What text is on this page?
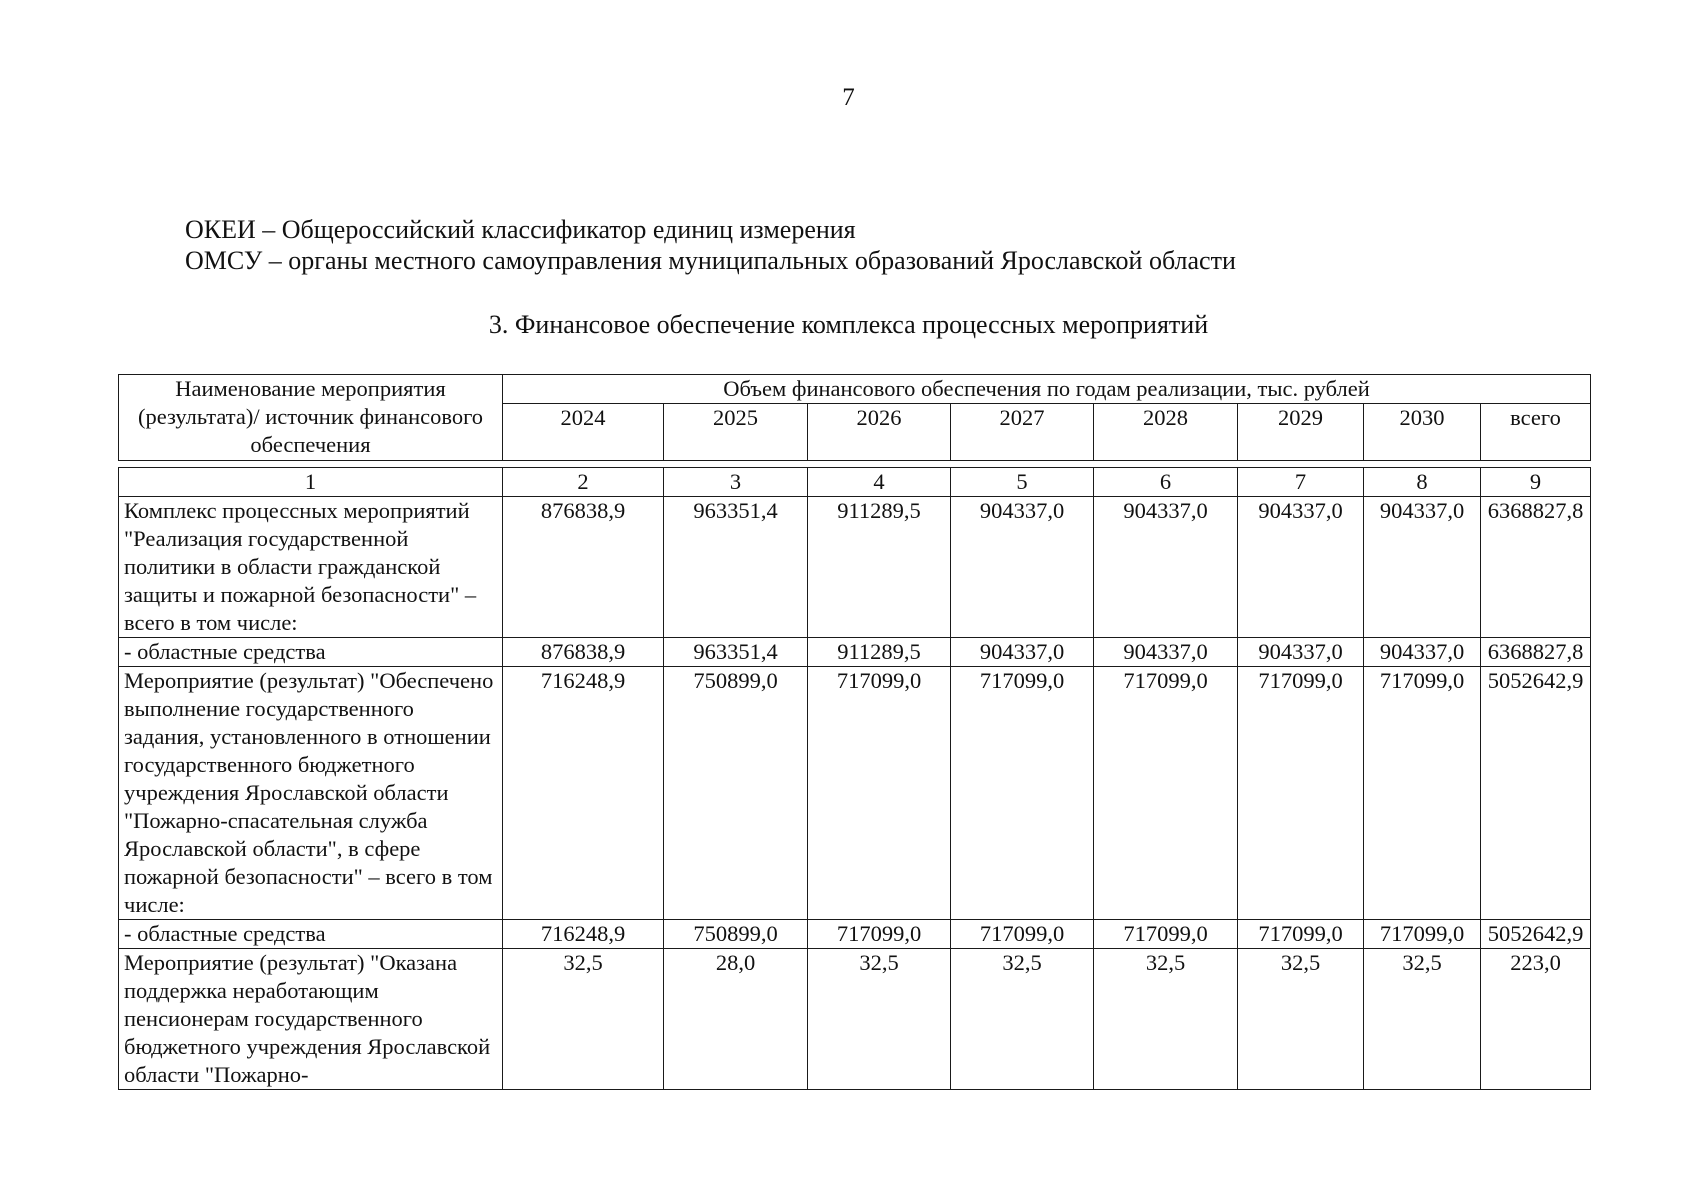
7
ОКЕИ – Общероссийский классификатор единиц измерения
ОМСУ – органы местного самоуправления муниципальных образований Ярославской области
3. Финансовое обеспечение комплекса процессных мероприятий
Наименование мероприятия (результата)/ источник финансового обеспечения	Объем финансового обеспечения по годам реализации, тыс. рублей							
	2024	2025	2026	2027	2028	2029	2030	всего

1	2	3	4	5	6	7	8	9
Комплекс процессных мероприятий "Реализация государственной политики в области гражданской защиты и пожарной безопасности" – всего в том числе:	876838,9	963351,4	911289,5	904337,0	904337,0	904337,0	904337,0	6368827,8
- областные средства	876838,9	963351,4	911289,5	904337,0	904337,0	904337,0	904337,0	6368827,8
Мероприятие (результат) "Обеспечено выполнение государственного задания, установленного в отношении государственного бюджетного учреждения Ярославской области "Пожарно-спасательная служба Ярославской области", в сфере пожарной безопасности" – всего в том числе:	716248,9	750899,0	717099,0	717099,0	717099,0	717099,0	717099,0	5052642,9
- областные средства	716248,9	750899,0	717099,0	717099,0	717099,0	717099,0	717099,0	5052642,9
Мероприятие (результат) "Оказана поддержка неработающим пенсионерам государственного бюджетного учреждения Ярославской области "Пожарно-	32,5	28,0	32,5	32,5	32,5	32,5	32,5	223,0
